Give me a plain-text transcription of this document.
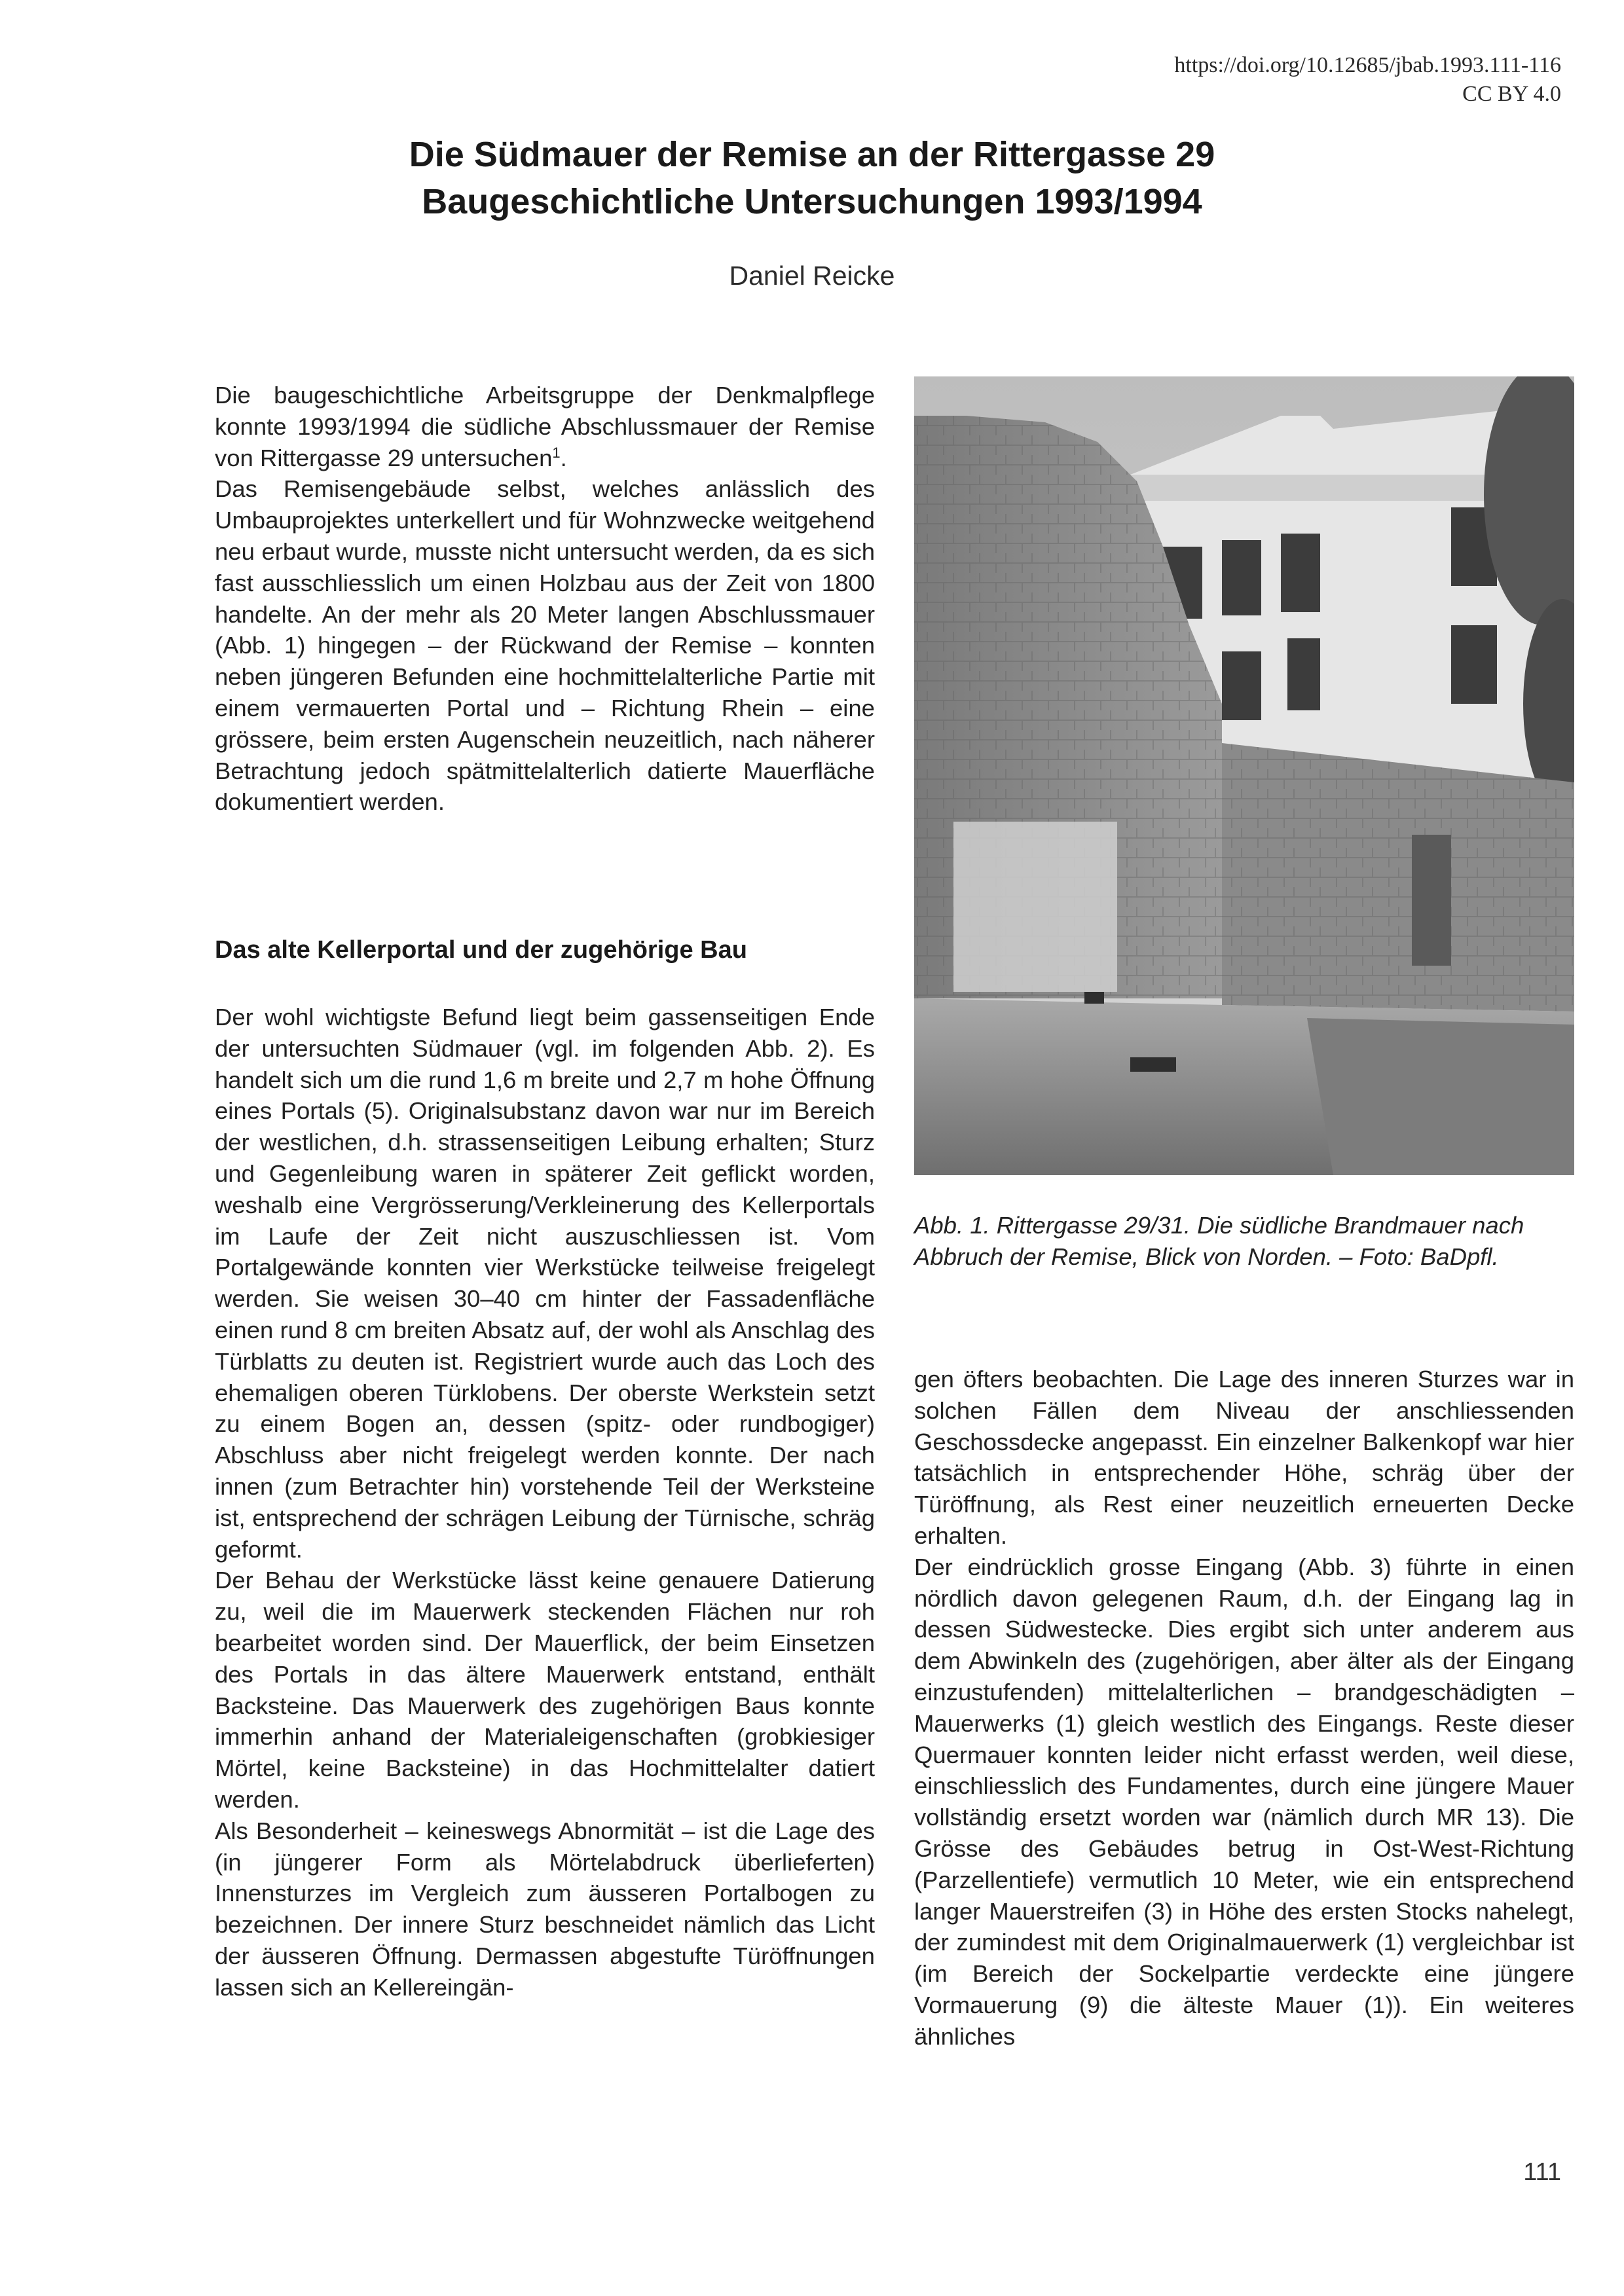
https://doi.org/10.12685/jbab.1993.111-116
CC BY 4.0
Die Südmauer der Remise an der Rittergasse 29
Baugeschichtliche Untersuchungen 1993/1994
Daniel Reicke

Die baugeschichtliche Arbeitsgruppe der Denkmalpflege konnte 1993/1994 die südliche Abschlussmauer der Remise von Rittergasse 29 untersuchen$^1$.

Das Remisengebäude selbst, welches anlässlich des Umbauprojektes unterkellert und für Wohnzwecke weitgehend neu erbaut wurde, musste nicht untersucht werden, da es sich fast ausschliesslich um einen Holzbau aus der Zeit von 1800 handelte. An der mehr als 20 Meter langen Abschlussmauer (Abb. 1) hingegen – der Rückwand der Remise – konnten neben jüngeren Befunden eine hochmittelalterliche Partie mit einem vermauerten Portal und – Richtung Rhein – eine grössere, beim ersten Augenschein neuzeitlich, nach näherer Betrachtung jedoch spätmittelalterlich datierte Mauerfläche dokumentiert werden.

Das alte Kellerportal und der zugehörige Bau

Der wohl wichtigste Befund liegt beim gassenseitigen Ende der untersuchten Südmauer (vgl. im folgenden Abb. 2). Es handelt sich um die rund 1,6 m breite und 2,7 m hohe Öffnung eines Portals (5). Originalsubstanz davon war nur im Bereich der westlichen, d.h. strassenseitigen Leibung erhalten; Sturz und Gegenleibung waren in späterer Zeit geflickt worden, weshalb eine Vergrösserung/Verkleinerung des Kellerportals im Laufe der Zeit nicht auszuschliessen ist. Vom Portalgewände konnten vier Werkstücke teilweise freigelegt werden. Sie weisen 30–40 cm hinter der Fassadenfläche einen rund 8 cm breiten Absatz auf, der wohl als Anschlag des Türblatts zu deuten ist. Registriert wurde auch das Loch des ehemaligen oberen Türklobens. Der oberste Werkstein setzt zu einem Bogen an, dessen (spitz- oder rundbogiger) Abschluss aber nicht freigelegt werden konnte. Der nach innen (zum Betrachter hin) vorstehende Teil der Werksteine ist, entsprechend der schrägen Leibung der Türnische, schräg geformt.

Der Behau der Werkstücke lässt keine genauere Datierung zu, weil die im Mauerwerk steckenden Flächen nur roh bearbeitet worden sind. Der Mauerflick, der beim Einsetzen des Portals in das ältere Mauerwerk entstand, enthält Backsteine. Das Mauerwerk des zugehörigen Baus konnte immerhin anhand der Materialeigenschaften (grobkiesiger Mörtel, keine Backsteine) in das Hochmittelalter datiert werden.

Als Besonderheit – keineswegs Abnormität – ist die Lage des (in jüngerer Form als Mörtelabdruck überlieferten) Innensturzes im Vergleich zum äusseren Portalbogen zu bezeichnen. Der innere Sturz beschneidet nämlich das Licht der äusseren Öffnung. Dermassen abgestufte Türöffnungen lassen sich an Kellereingän-

Abb. 1. Rittergasse 29/31. Die südliche Brandmauer nach Abbruch der Remise, Blick von Norden. – Foto: BaDpfl.

gen öfters beobachten. Die Lage des inneren Sturzes war in solchen Fällen dem Niveau der anschliessenden Geschossdecke angepasst. Ein einzelner Balkenkopf war hier tatsächlich in entsprechender Höhe, schräg über der Türöffnung, als Rest einer neuzeitlich erneuerten Decke erhalten.

Der eindrücklich grosse Eingang (Abb. 3) führte in einen nördlich davon gelegenen Raum, d.h. der Eingang lag in dessen Südwestecke. Dies ergibt sich unter anderem aus dem Abwinkeln des (zugehörigen, aber älter als der Eingang einzustufenden) mittelalterlichen – brandgeschädigten – Mauerwerks (1) gleich westlich des Eingangs. Reste dieser Quermauer konnten leider nicht erfasst werden, weil diese, einschliesslich des Fundamentes, durch eine jüngere Mauer vollständig ersetzt worden war (nämlich durch MR 13). Die Grösse des Gebäudes betrug in Ost-West-Richtung (Parzellentiefe) vermutlich 10 Meter, wie ein entsprechend langer Mauerstreifen (3) in Höhe des ersten Stocks nahelegt, der zumindest mit dem Originalmauerwerk (1) vergleichbar ist (im Bereich der Sockelpartie verdeckte eine jüngere Vormauerung (9) die älteste Mauer (1)). Ein weiteres ähnliches

111
